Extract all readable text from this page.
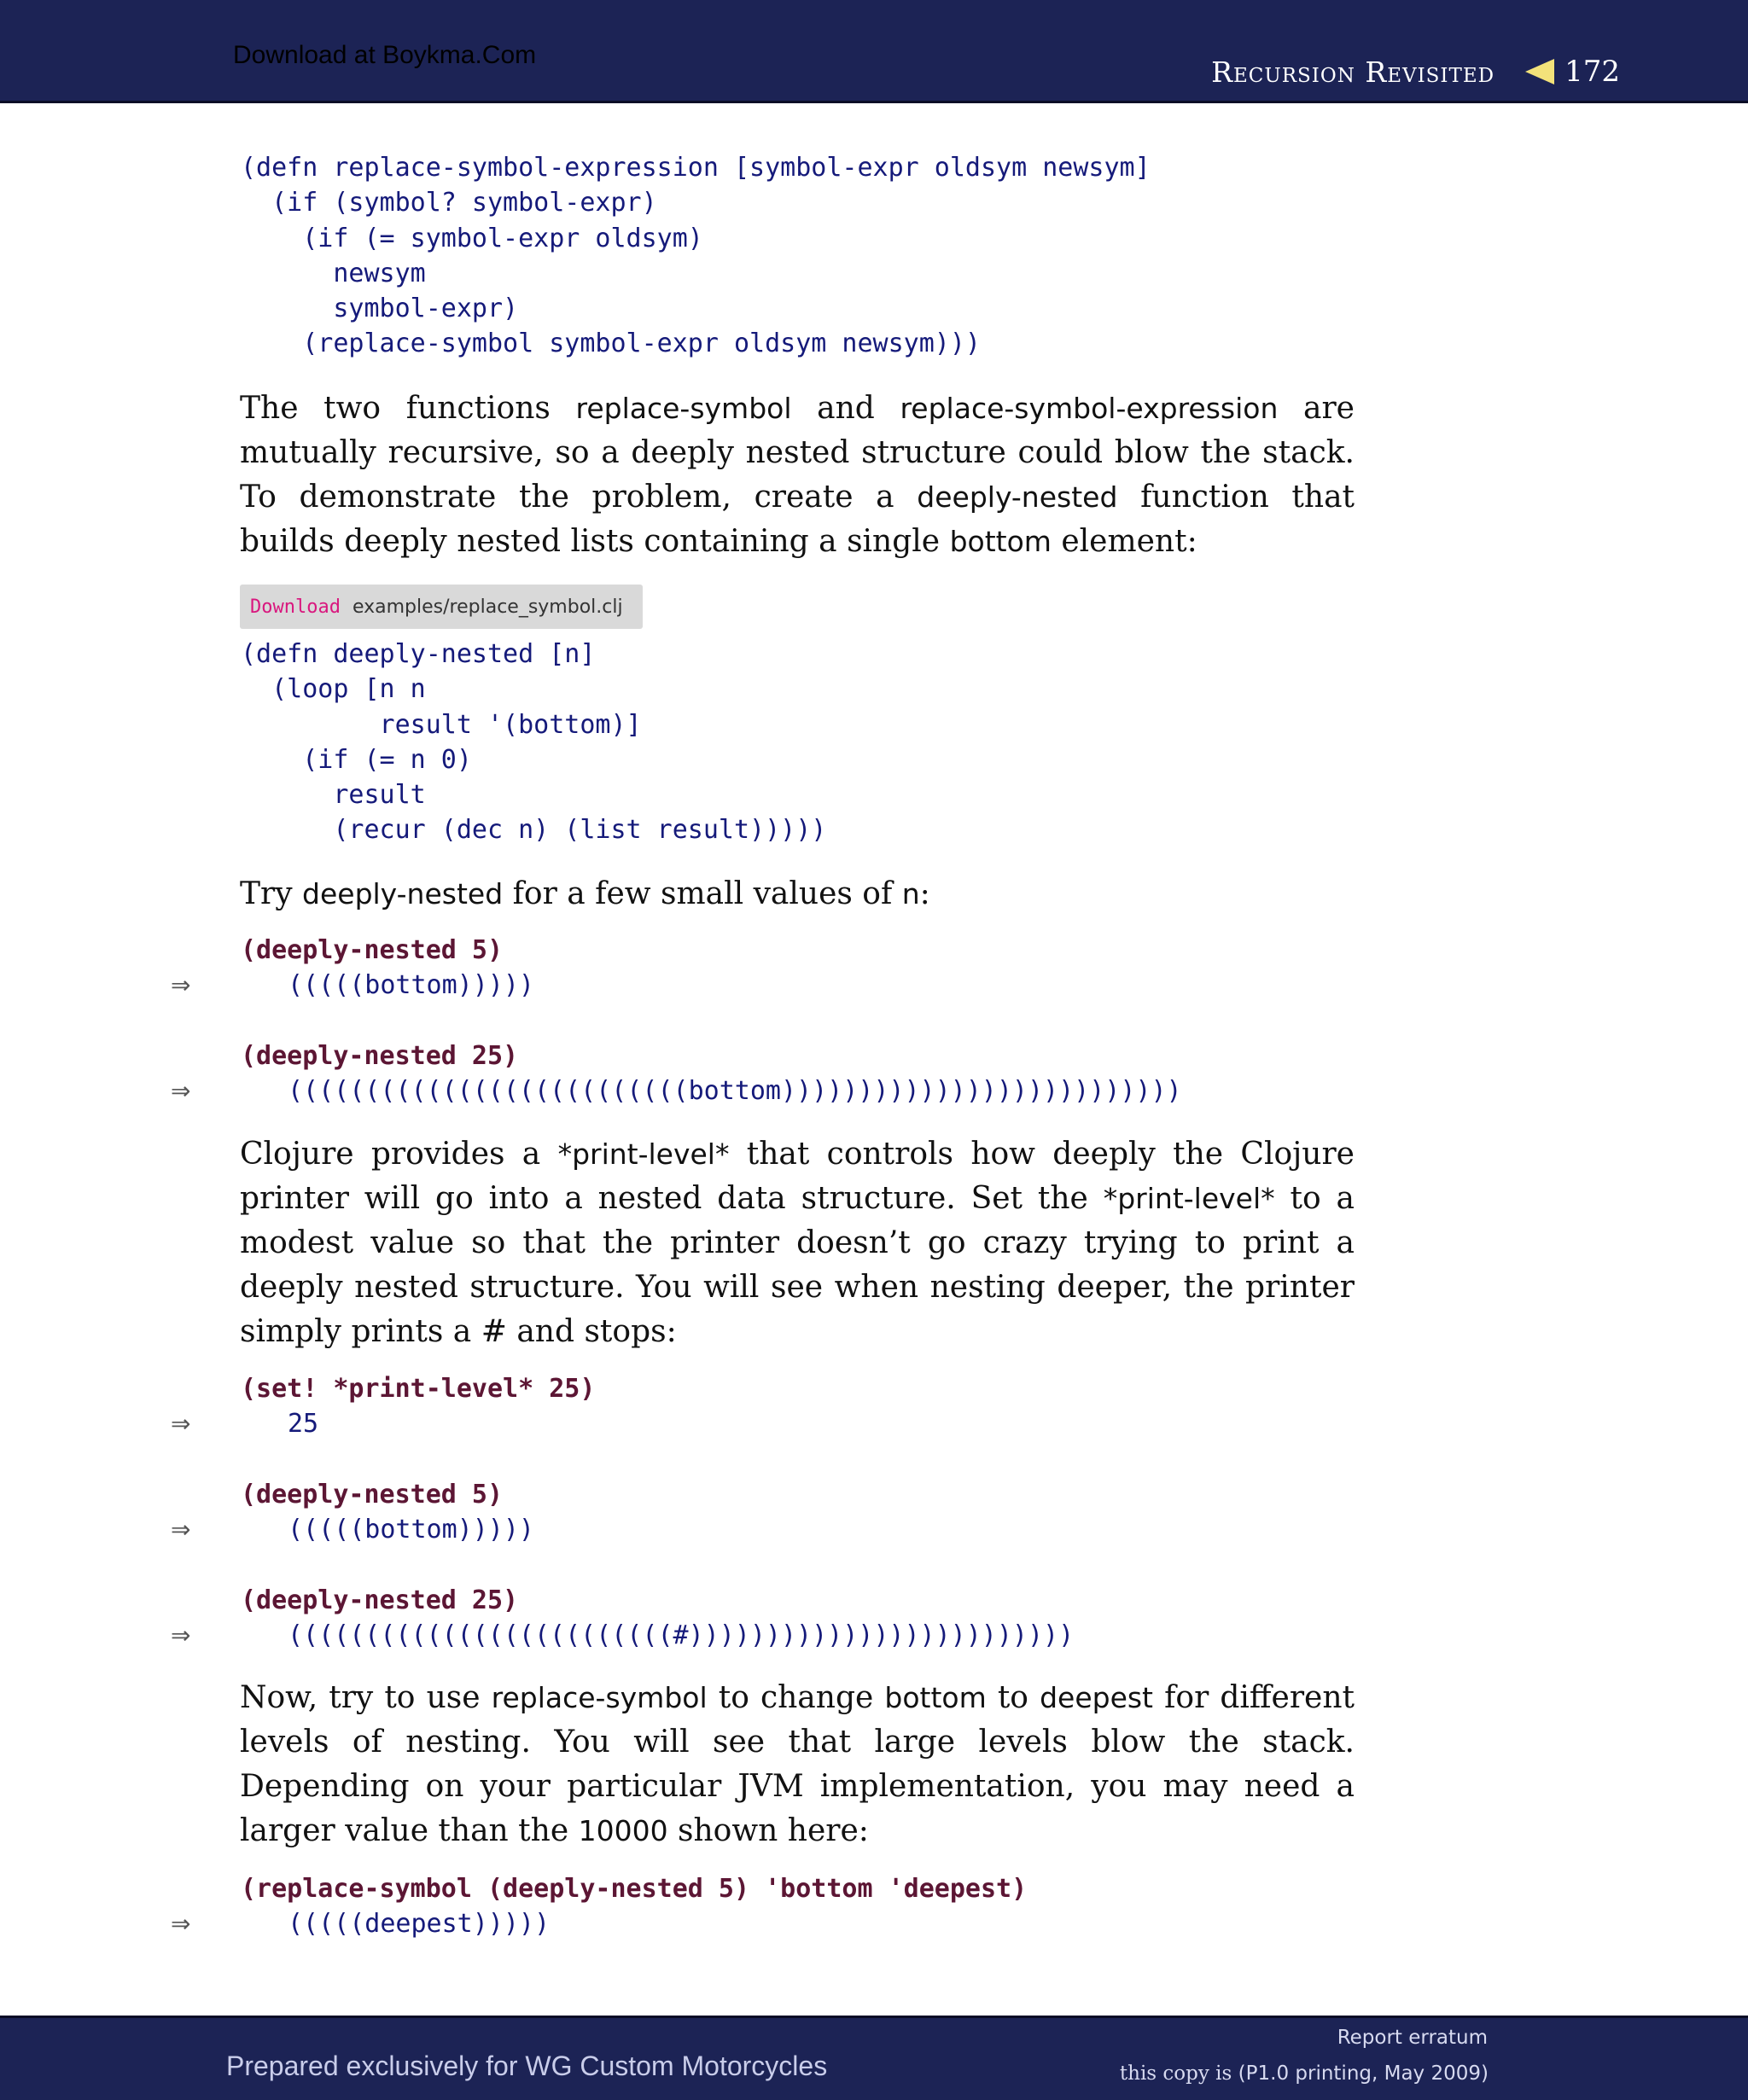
Download at Boykma.Com	Recursion Revisited 172
(defn replace-symbol-expression [symbol-expr oldsym newsym]
(if (symbol? symbol-expr)
(if (= symbol-expr oldsym)
newsym
symbol-expr)
(replace-symbol symbol-expr oldsym newsym)))

The two functions replace-symbol and replace-symbol-expression are mutually recursive, so a deeply nested structure could blow the stack. To demonstrate the problem, create a deeply-nested function that builds deeply nested lists containing a single bottom element:

Download examples/replace_symbol.clj
(defn deeply-nested [n]
(loop [n n
result '(bottom)]
(if (= n 0)
result
(recur (dec n) (list result)))))

Try deeply-nested for a few small values of n:

(deeply-nested 5)
⇒	(((((bottom)))))
(deeply-nested 25)
⇒	((((((((((((((((((((((((((bottom))))))))))))))))))))))))))

Clojure provides a *print-level* that controls how deeply the Clojure printer will go into a nested data structure. Set the *print-level* to a modest value so that the printer doesn’t go crazy trying to print a deeply nested structure. You will see when nesting deeper, the printer simply prints a # and stops:

(set! *print-level* 25)
⇒	25
(deeply-nested 5)
⇒	(((((bottom)))))
(deeply-nested 25)
⇒	(((((((((((((((((((((((((#)))))))))))))))))))))))))

Now, try to use replace-symbol to change bottom to deepest for different levels of nesting. You will see that large levels blow the stack. Depending on your particular JVM implementation, you may need a larger value than the 10000 shown here:

(replace-symbol (deeply-nested 5) 'bottom 'deepest)
⇒	(((((deepest)))))
Prepared exclusively for WG Custom Motorcycles
Report erratum
this copy is (P1.0 printing, May 2009)
